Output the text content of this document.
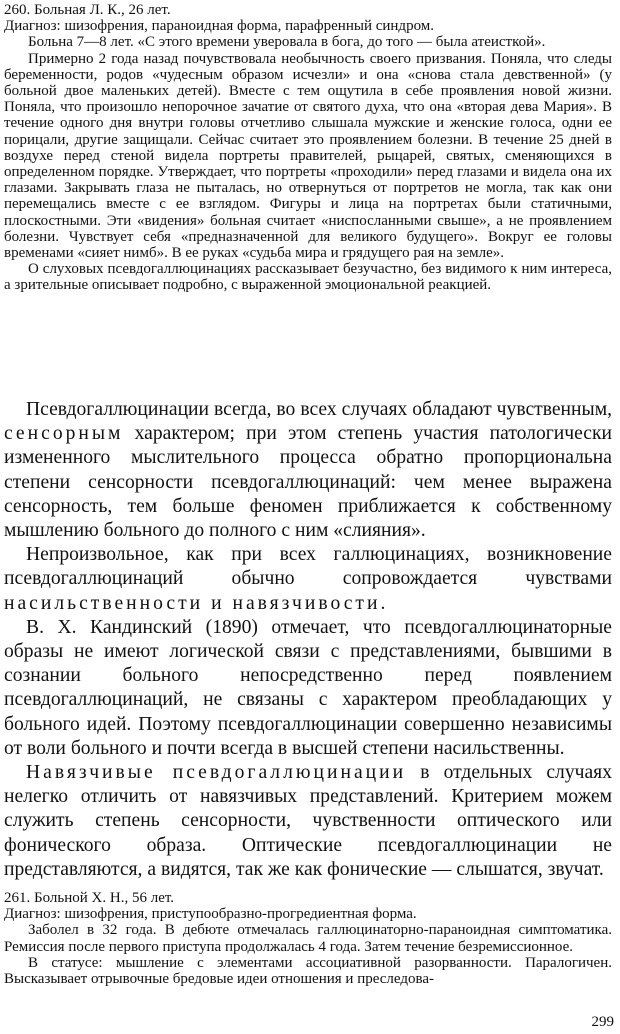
260. Больная Л. К., 26 лет.

Диагноз: шизофрения, параноидная форма, парафренный синдром.

Больна 7—8 лет. «С этого времени уверовала в бога, до того — была атеисткой».

Примерно 2 года назад почувствовала необычность своего призвания. Поняла, что следы беременности, родов «чудесным образом исчезли» и она «снова стала девственной» (у больной двое маленьких детей). Вместе с тем ощутила в себе проявления новой жизни. Поняла, что произошло непорочное зачатие от святого духа, что она «вторая дева Мария». В течение одного дня внутри головы отчетливо слышала мужские и женские голоса, одни ее порицали, другие защищали. Сейчас считает это проявлением болезни. В течение 25 дней в воздухе перед стеной видела портреты правителей, рыцарей, святых, сменяющихся в определенном порядке. Утверждает, что портреты «проходили» перед глазами и видела она их глазами. Закрывать глаза не пыталась, но отвернуться от портретов не могла, так как они перемещались вместе с ее взглядом. Фигуры и лица на портретах были статичными, плоскостными. Эти «видения» больная считает «ниспосланными свыше», а не проявлением болезни. Чувствует себя «предназначенной для великого будущего». Вокруг ее головы временами «сияет нимб». В ее руках «судьба мира и грядущего рая на земле».

О слуховых псевдогаллюцинациях рассказывает безучастно, без видимого к ним интереса, а зрительные описывает подробно, с выраженной эмоциональной реакцией.

Псевдогаллюцинации всегда, во всех случаях обладают чувственным, сенсорным характером; при этом степень участия патологически измененного мыслительного процесса обратно пропорциональна степени сенсорности псевдогаллюцинаций: чем менее выражена сенсорность, тем больше феномен приближается к собственному мышлению больного до полного с ним «слияния».

Непроизвольное, как при всех галлюцинациях, возникновение псевдогаллюцинаций обычно сопровождается чувствами насильственности и навязчивости.

В. Х. Кандинский (1890) отмечает, что псевдогаллюцинаторные образы не имеют логической связи с представлениями, бывшими в сознании больного непосредственно перед появлением псевдогаллюцинаций, не связаны с характером преобладающих у больного идей. Поэтому псевдогаллюцинации совершенно независимы от воли больного и почти всегда в высшей степени насильственны.

Навязчивые псевдогаллюцинации в отдельных случаях нелегко отличить от навязчивых представлений. Критерием можем служить степень сенсорности, чувственности оптического или фонического образа. Оптические псевдогаллюцинации не представляются, а видятся, так же как фонические — слышатся, звучат.

261. Больной Х. Н., 56 лет.

Диагноз: шизофрения, приступообразно-прогредиентная форма.

Заболел в 32 года. В дебюте отмечалась галлюцинаторно-параноидная симптоматика. Ремиссия после первого приступа продолжалась 4 года. Затем течение безремиссионное.

В статусе: мышление с элементами ассоциативной разорванности. Паралогичен. Высказывает отрывочные бредовые идеи отношения и преследова-

299
